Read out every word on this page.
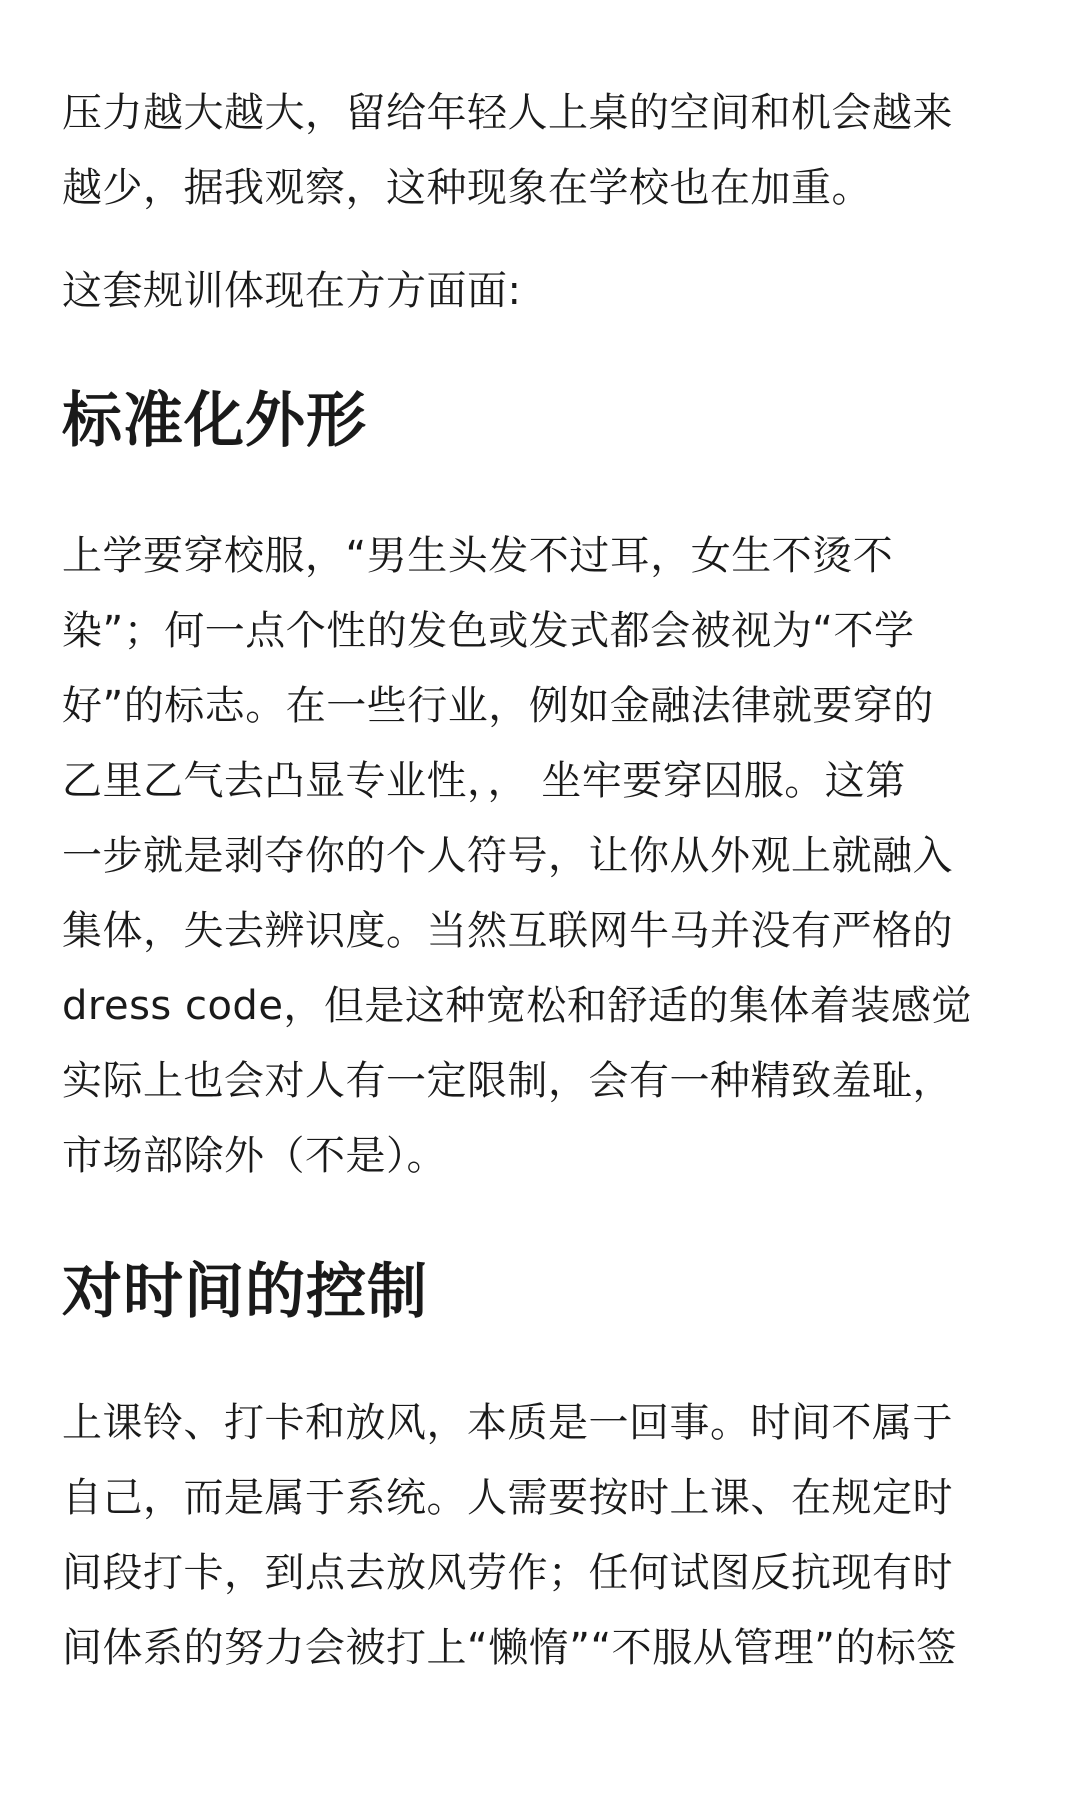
压力越大越大，留给年轻人上桌的空间和机会越来
越少，据我观察，这种现象在学校也在加重。

这套规训体现在方方面面:

标准化外形

上学要穿校服，“男生头发不过耳，女生不烫不
染”；何一点个性的发色或发式都会被视为“不学
好”的标志。在一些行业，例如金融法律就要穿的
乙里乙气去凸显专业性，， 坐牢要穿囚服。这第
一步就是剥夺你的个人符号，让你从外观上就融入
集体，失去辨识度。当然互联网牛马并没有严格的
dress code，但是这种宽松和舒适的集体着装感觉
实际上也会对人有一定限制，会有一种精致羞耻，
市场部除外（不是）。

对时间的控制

上课铃、打卡和放风，本质是一回事。时间不属于
自己，而是属于系统。人需要按时上课、在规定时
间段打卡，到点去放风劳作；任何试图反抗现有时
间体系的努力会被打上“懒惰”“不服从管理”的标签
